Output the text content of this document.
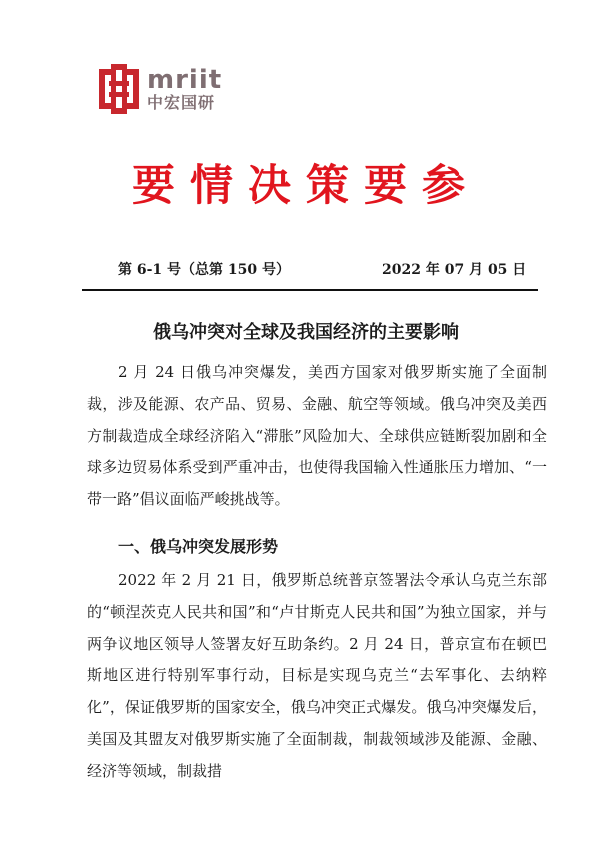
mriit
中宏国研
要情决策要参
第 6-1 号（总第 150 号）	2022 年 07 月 05 日
俄乌冲突对全球及我国经济的主要影响

2 月 24 日俄乌冲突爆发，美西方国家对俄罗斯实施了全面制裁，涉及能源、农产品、贸易、金融、航空等领域。俄乌冲突及美西方制裁造成全球经济陷入“滞胀”风险加大、全球供应链断裂加剧和全球多边贸易体系受到严重冲击，也使得我国输入性通胀压力增加、“一带一路”倡议面临严峻挑战等。

一、俄乌冲突发展形势

2022 年 2 月 21 日，俄罗斯总统普京签署法令承认乌克兰东部的“顿涅茨克人民共和国”和“卢甘斯克人民共和国”为独立国家，并与两争议地区领导人签署友好互助条约。2 月 24 日，普京宣布在顿巴斯地区进行特别军事行动，目标是实现乌克兰“去军事化、去纳粹化”，保证俄罗斯的国家安全，俄乌冲突正式爆发。俄乌冲突爆发后，美国及其盟友对俄罗斯实施了全面制裁，制裁领域涉及能源、金融、经济等领域，制裁措
